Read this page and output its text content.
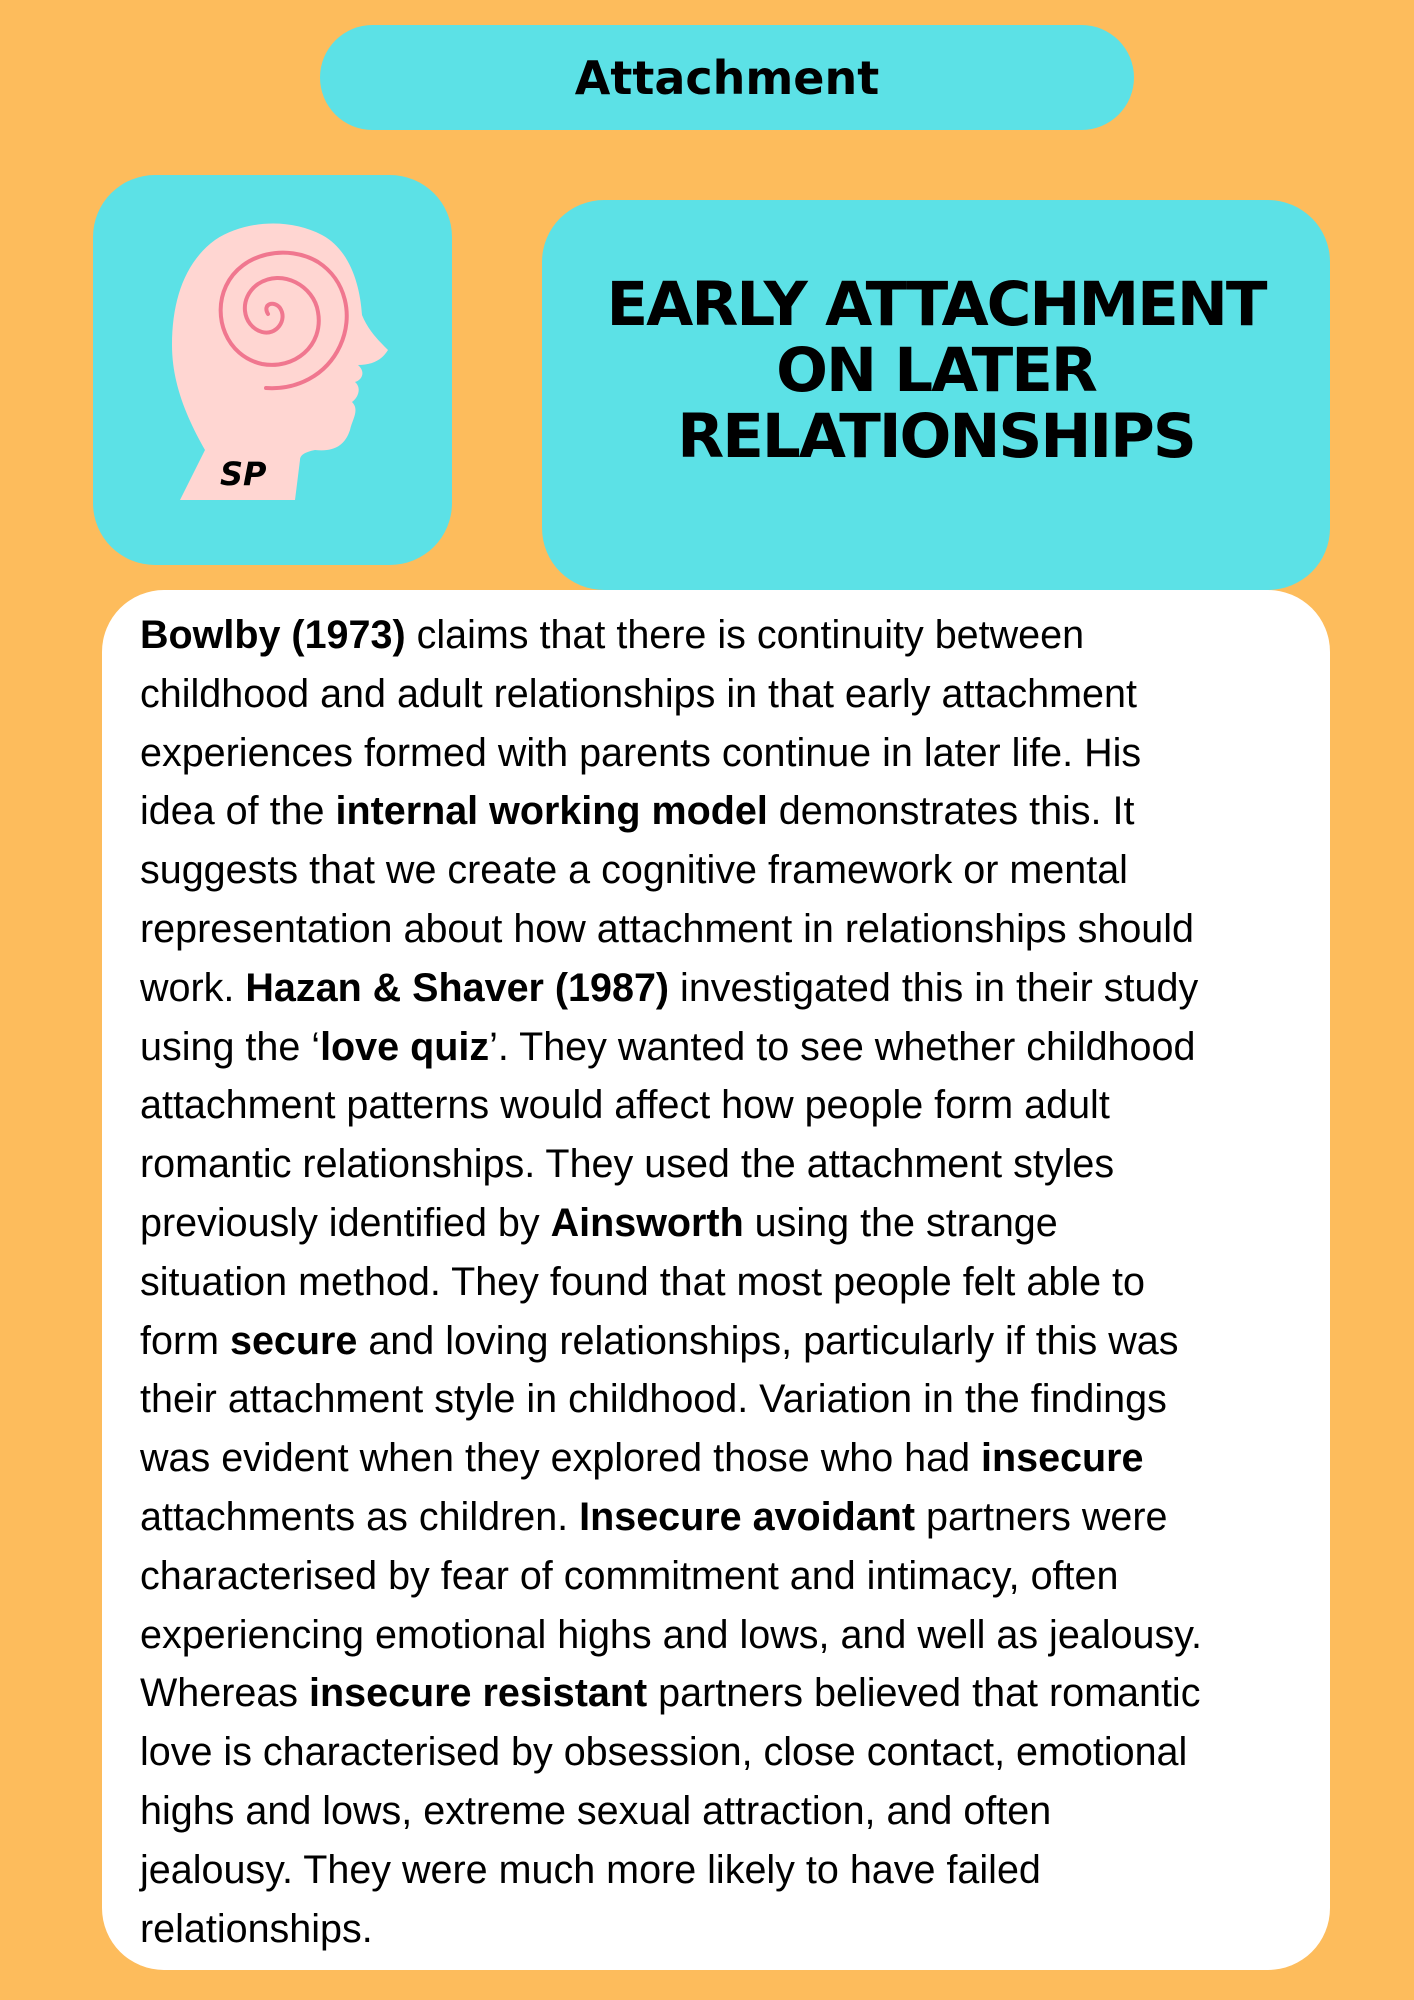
Attachment
SP
EARLY ATTACHMENT
ON LATER
RELATIONSHIPS
Bowlby (1973) claims that there is continuity between
childhood and adult relationships in that early attachment
experiences formed with parents continue in later life. His
idea of the internal working model demonstrates this. It
suggests that we create a cognitive framework or mental
representation about how attachment in relationships should
work. Hazan & Shaver (1987) investigated this in their study
using the ‘love quiz’. They wanted to see whether childhood
attachment patterns would affect how people form adult
romantic relationships. They used the attachment styles
previously identified by Ainsworth using the strange
situation method. They found that most people felt able to
form secure and loving relationships, particularly if this was
their attachment style in childhood. Variation in the findings
was evident when they explored those who had insecure
attachments as children. Insecure avoidant partners were
characterised by fear of commitment and intimacy, often
experiencing emotional highs and lows, and well as jealousy.
Whereas insecure resistant partners believed that romantic
love is characterised by obsession, close contact, emotional
highs and lows, extreme sexual attraction, and often
jealousy. They were much more likely to have failed
relationships.
